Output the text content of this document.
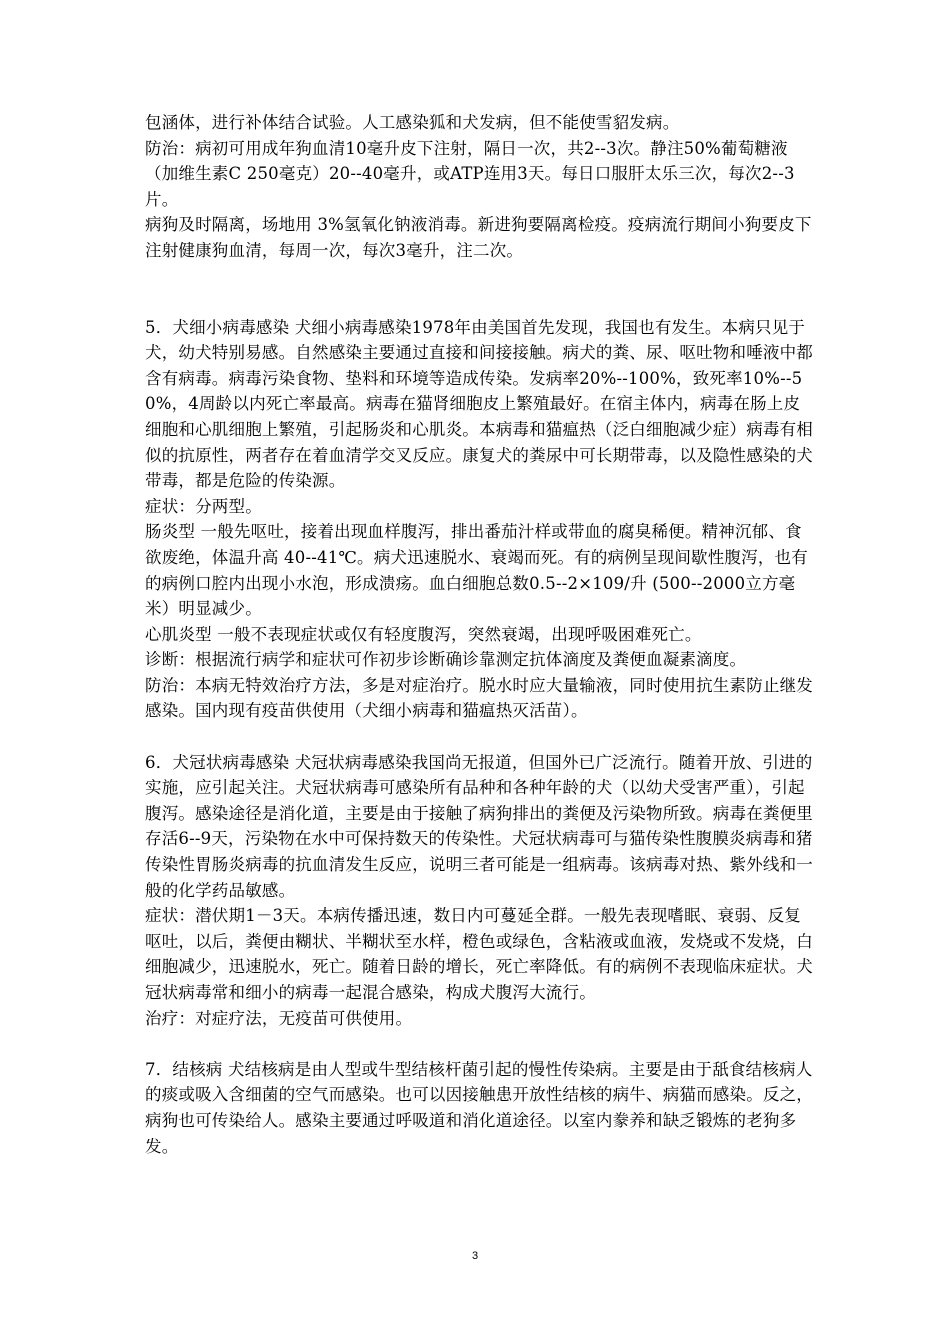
包涵体，进行补体结合试验。人工感染狐和犬发病，但不能使雪貂发病。

防治：病初可用成年狗血清10毫升皮下注射，隔日一次，共2--3次。静注50%葡萄糖液（加维生素C 250毫克）20--40毫升，或ATP连用3天。每日口服肝太乐三次，每次2--3片。

病狗及时隔离，场地用 3%氢氧化钠液消毒。新进狗要隔离检疫。疫病流行期间小狗要皮下注射健康狗血清，每周一次，每次3毫升，注二次。

5．犬细小病毒感染 犬细小病毒感染1978年由美国首先发现，我国也有发生。本病只见于犬，幼犬特别易感。自然感染主要通过直接和间接接触。病犬的粪、尿、呕吐物和唾液中都含有病毒。病毒污染食物、垫料和环境等造成传染。发病率20%--100%，致死率10%--50%，4周龄以内死亡率最高。病毒在猫肾细胞皮上繁殖最好。在宿主体内，病毒在肠上皮细胞和心肌细胞上繁殖，引起肠炎和心肌炎。本病毒和猫瘟热（泛白细胞减少症）病毒有相似的抗原性，两者存在着血清学交叉反应。康复犬的粪尿中可长期带毒，以及隐性感染的犬带毒，都是危险的传染源。

症状：分两型。

肠炎型 一般先呕吐，接着出现血样腹泻，排出番茄汁样或带血的腐臭稀便。精神沉郁、食欲废绝，体温升高 40--41℃。病犬迅速脱水、衰竭而死。有的病例呈现间歇性腹泻，也有的病例口腔内出现小水泡，形成溃疡。血白细胞总数0.5--2×109/升 (500--2000立方毫米）明显减少。

心肌炎型 一般不表现症状或仅有轻度腹泻，突然衰竭，出现呼吸困难死亡。

诊断：根据流行病学和症状可作初步诊断确诊靠测定抗体滴度及粪便血凝素滴度。

防治：本病无特效治疗方法，多是对症治疗。脱水时应大量输液，同时使用抗生素防止继发感染。国内现有疫苗供使用（犬细小病毒和猫瘟热灭活苗）。

6．犬冠状病毒感染 犬冠状病毒感染我国尚无报道，但国外已广泛流行。随着开放、引进的实施，应引起关注。犬冠状病毒可感染所有品种和各种年龄的犬（以幼犬受害严重），引起腹泻。感染途径是消化道，主要是由于接触了病狗排出的粪便及污染物所致。病毒在粪便里存活6--9天，污染物在水中可保持数天的传染性。犬冠状病毒可与猫传染性腹膜炎病毒和猪传染性胃肠炎病毒的抗血清发生反应，说明三者可能是一组病毒。该病毒对热、紫外线和一般的化学药品敏感。

症状：潜伏期1－3天。本病传播迅速，数日内可蔓延全群。一般先表现嗜眠、衰弱、反复呕吐，以后，粪便由糊状、半糊状至水样，橙色或绿色，含粘液或血液，发烧或不发烧，白细胞减少，迅速脱水，死亡。随着日龄的增长，死亡率降低。有的病例不表现临床症状。犬冠状病毒常和细小的病毒一起混合感染，构成犬腹泻大流行。

治疗：对症疗法，无疫苗可供使用。

7．结核病 犬结核病是由人型或牛型结核杆菌引起的慢性传染病。主要是由于舐食结核病人的痰或吸入含细菌的空气而感染。也可以因接触患开放性结核的病牛、病猫而感染。反之，病狗也可传染给人。感染主要通过呼吸道和消化道途径。以室内豢养和缺乏锻炼的老狗多发。

3
